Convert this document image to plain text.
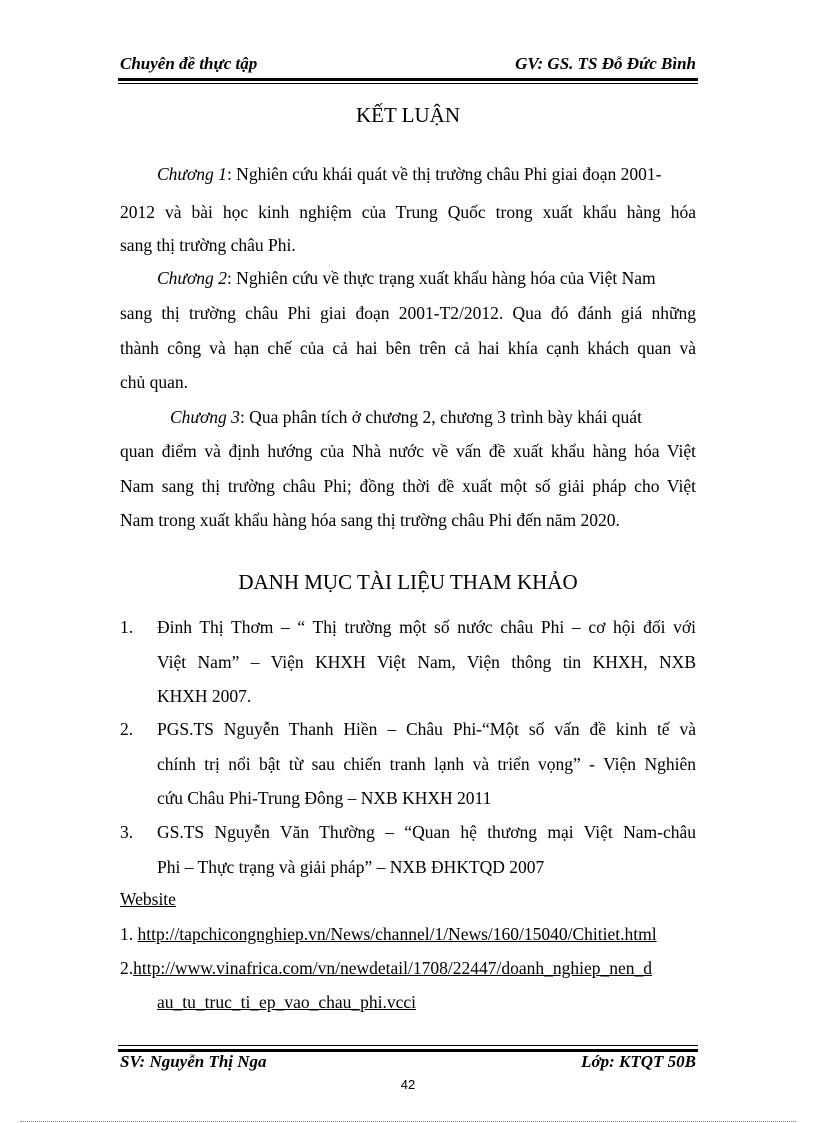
Chuyên đề thực tập	GV: GS. TS Đỗ Đức Bình
KẾT LUẬN
Chương 1: Nghiên cứu khái quát về thị trường châu Phi giai đoạn 2001-
2012 và bài học kinh nghiệm của Trung Quốc trong xuất khẩu hàng hóa
sang thị trường châu Phi.
Chương 2: Nghiên cứu về thực trạng xuất khẩu hàng hóa của Việt Nam
sang thị trường châu Phi giai đoạn 2001-T2/2012. Qua đó đánh giá những
thành công và hạn chế của cả hai bên trên cả hai khía cạnh khách quan và
chủ quan.
Chương 3: Qua phân tích ở chương 2, chương 3 trình bày khái quát
quan điểm và định hướng của Nhà nước về vấn đề xuất khẩu hàng hóa Việt
Nam sang thị trường châu Phi; đồng thời đề xuất một số giải pháp cho Việt
Nam trong xuất khẩu hàng hóa sang thị trường châu Phi đến năm 2020.
DANH MỤC TÀI LIỆU THAM KHẢO
1. Đinh Thị Thơm – “ Thị trường một số nước châu Phi – cơ hội đối với
Việt Nam” – Viện KHXH Việt Nam, Viện thông tin KHXH, NXB
KHXH 2007.
2. PGS.TS Nguyễn Thanh Hiền – Châu Phi-“Một số vấn đề kinh tế và
chính trị nổi bật từ sau chiến tranh lạnh và triển vọng” - Viện Nghiên
cứu Châu Phi-Trung Đông – NXB KHXH 2011
3. GS.TS Nguyễn Văn Thường – “Quan hệ thương mại Việt Nam-châu
Phi – Thực trạng và giải pháp” – NXB ĐHKTQD 2007
Website
1. http://tapchicongnghiep.vn/News/channel/1/News/160/15040/Chitiet.html
2.http://www.vinafrica.com/vn/newdetail/1708/22447/doanh_nghiep_nen_d
au_tu_truc_ti_ep_vao_chau_phi.vcci
SV: Nguyễn Thị Nga	Lớp: KTQT 50B
42
